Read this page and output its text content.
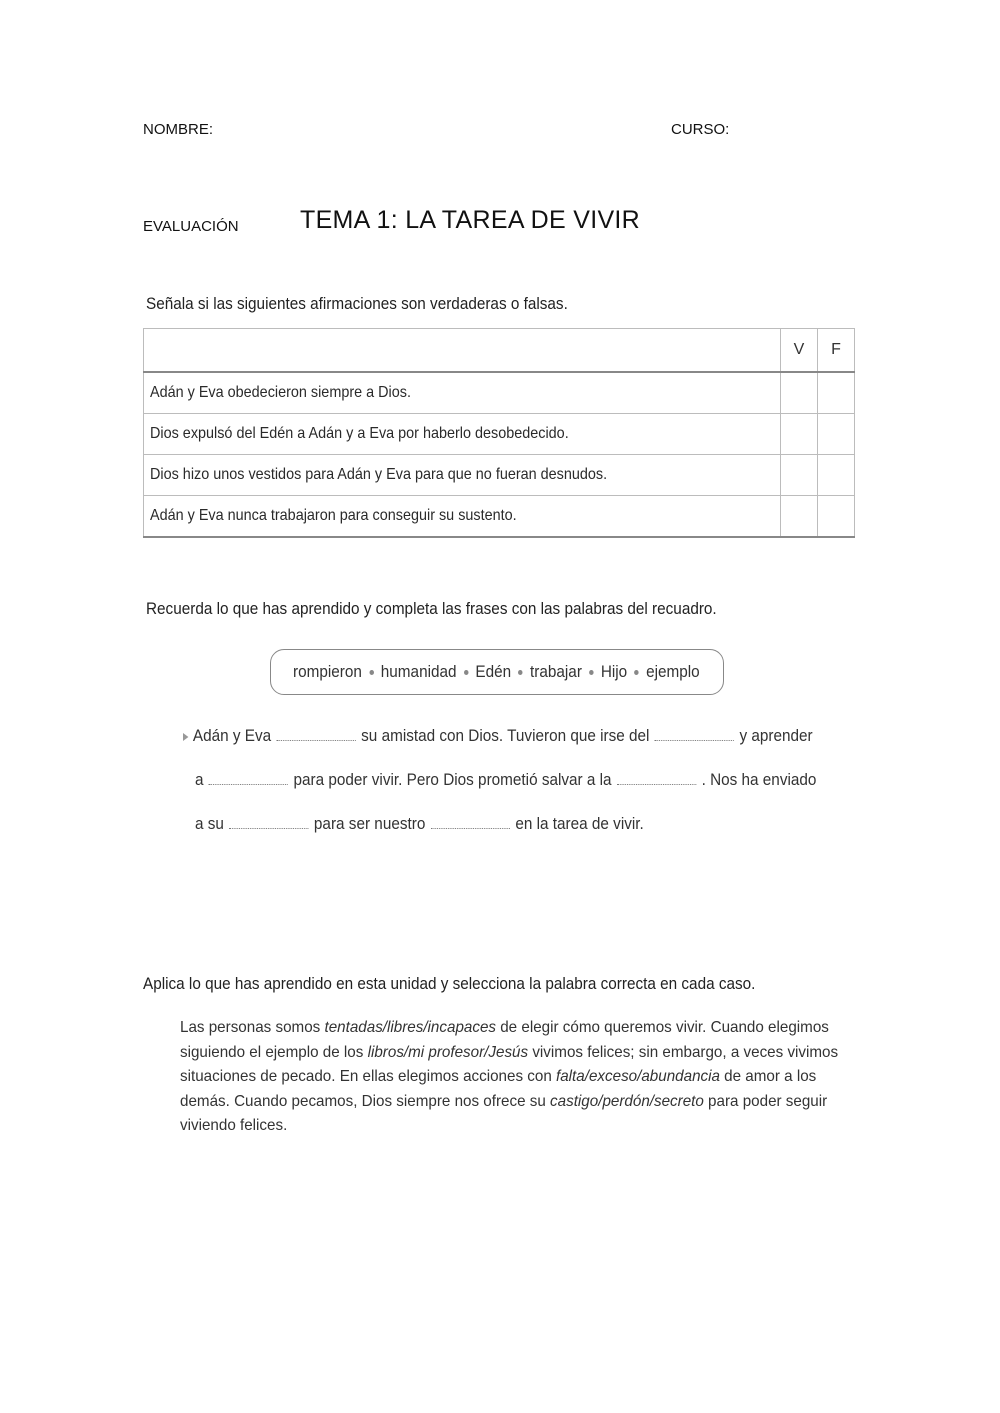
NOMBRE:	CURSO:
EVALUACIÓN TEMA 1: LA TAREA DE VIVIR
Señala si las siguientes afirmaciones son verdaderas o falsas.
	V	F
Adán y Eva obedecieron siempre a Dios.		
Dios expulsó del Edén a Adán y a Eva por haberlo desobedecido.		
Dios hizo unos vestidos para Adán y Eva para que no fueran desnudos.		
Adán y Eva nunca trabajaron para conseguir su sustento.		
Recuerda lo que has aprendido y completa las frases con las palabras del recuadro.
rompieron humanidad Edén trabajar Hijo ejemplo
Adán y Eva	su amistad con Dios. Tuvieron que irse del	y aprender
a	para poder vivir. Pero Dios prometió salvar a la	. Nos ha enviado
a su	para ser nuestro	en la tarea de vivir.
Aplica lo que has aprendido en esta unidad y selecciona la palabra correcta en cada caso.
Las personas somos tentadas/libres/incapaces de elegir cómo queremos vivir. Cuando elegimos
siguiendo el ejemplo de los libros/mi profesor/Jesús vivimos felices; sin embargo, a veces vivimos
situaciones de pecado. En ellas elegimos acciones con falta/exceso/abundancia de amor a los
demás. Cuando pecamos, Dios siempre nos ofrece su castigo/perdón/secreto para poder seguir
viviendo felices.
